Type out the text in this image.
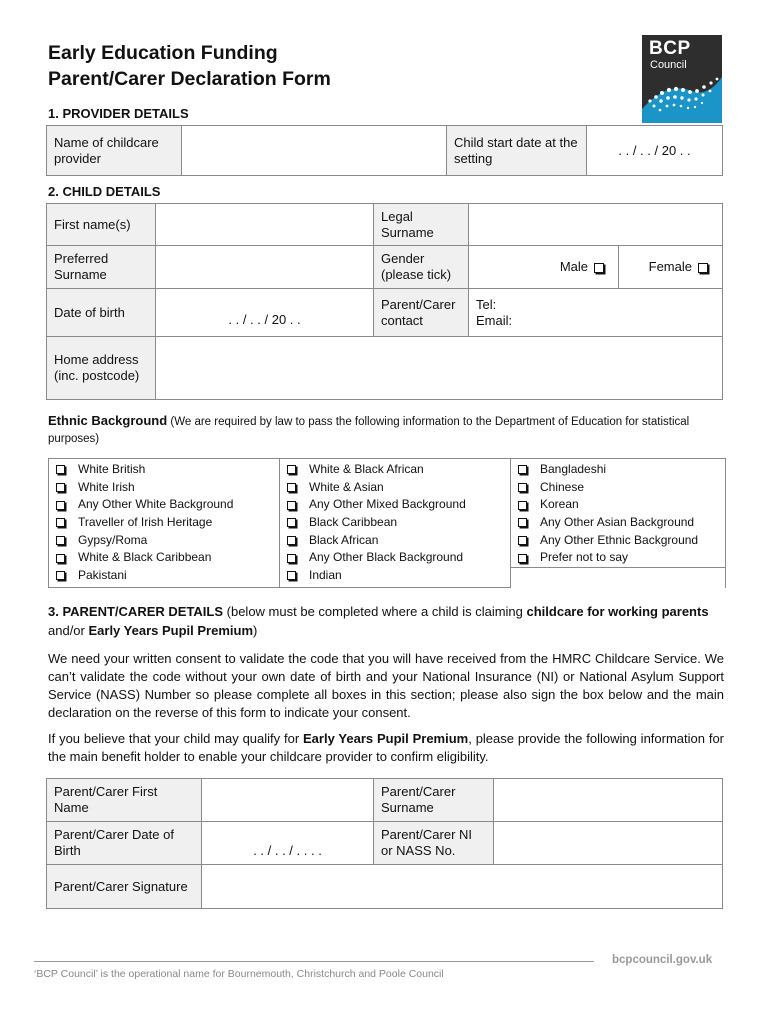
Early Education Funding
Parent/Carer Declaration Form
BCP
Council
1. PROVIDER DETAILS
Name of childcare provider		Child start date at the setting	. . / . . / 20 . .
2. CHILD DETAILS
First name(s)		Legal Surname		
Preferred Surname		Gender (please tick)	Male	Female
Date of birth	. . / . . / 20 . .	Parent/Carer contact	Tel:
Email:	

Home address (inc. postcode)				
Ethnic Background (We are required by law to pass the following information to the Department of Education for statistical purposes)
White British
White Irish
Any Other White Background
Traveller of Irish Heritage
Gypsy/Roma
White & Black Caribbean
Pakistani

White & Black African
White & Asian
Any Other Mixed Background
Black Caribbean
Black African
Any Other Black Background
Indian

Bangladeshi
Chinese
Korean
Any Other Asian Background
Any Other Ethnic Background
Prefer not to say
3. PARENT/CARER DETAILS (below must be completed where a child is claiming childcare for working parents and/or Early Years Pupil Premium)
We need your written consent to validate the code that you will have received from the HMRC Childcare Service. We can’t validate the code without your own date of birth and your National Insurance (NI) or National Asylum Support Service (NASS) Number so please complete all boxes in this section; please also sign the box below and the main declaration on the reverse of this form to indicate your consent.
If you believe that your child may qualify for Early Years Pupil Premium, please provide the following information for the main benefit holder to enable your childcare provider to confirm eligibility.
Parent/Carer First Name		Parent/Carer Surname	
Parent/Carer Date of Birth	. . / . . / . . . .	Parent/Carer NI or NASS No.	
Parent/Carer Signature			
bcpcouncil.gov.uk
‘BCP Council’ is the operational name for Bournemouth, Christchurch and Poole Council
